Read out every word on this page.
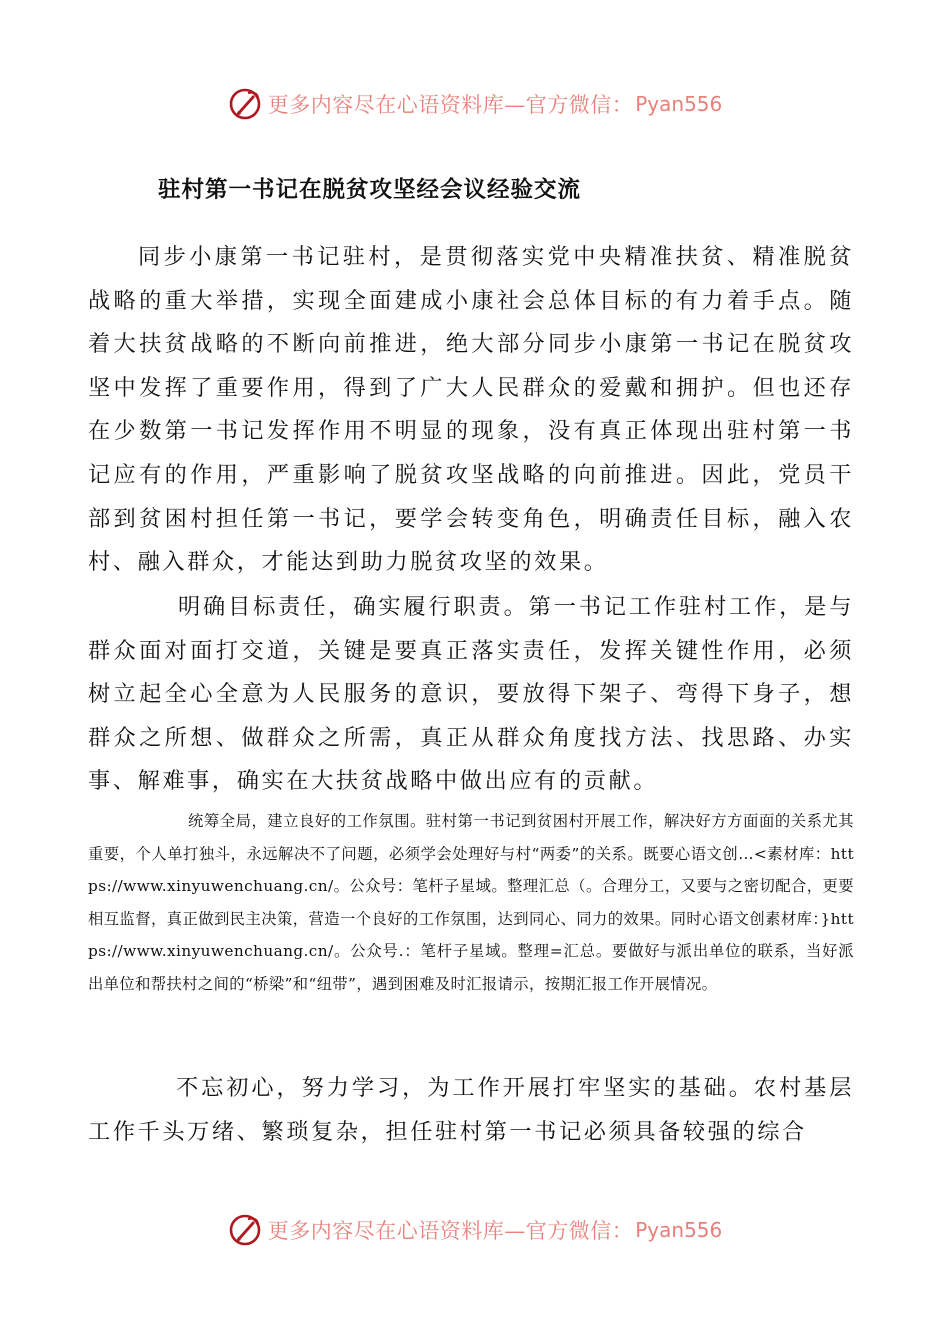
更多内容尽在心语资料库—官方微信： Pyan556
驻村第一书记在脱贫攻坚经会议经验交流

同步小康第一书记驻村，是贯彻落实党中央精准扶贫、精准脱贫战略的重大举措，实现全面建成小康社会总体目标的有力着手点。随着大扶贫战略的不断向前推进，绝大部分同步小康第一书记在脱贫攻坚中发挥了重要作用，得到了广大人民群众的爱戴和拥护。但也还存在少数第一书记发挥作用不明显的现象，没有真正体现出驻村第一书记应有的作用，严重影响了脱贫攻坚战略的向前推进。因此，党员干部到贫困村担任第一书记，要学会转变角色，明确责任目标，融入农村、融入群众，才能达到助力脱贫攻坚的效果。

明确目标责任，确实履行职责。第一书记工作驻村工作，是与群众面对面打交道，关键是要真正落实责任，发挥关键性作用，必须树立起全心全意为人民服务的意识，要放得下架子、弯得下身子，想群众之所想、做群众之所需，真正从群众角度找方法、找思路、办实事、解难事，确实在大扶贫战略中做出应有的贡献。

统筹全局，建立良好的工作氛围。驻村第一书记到贫困村开展工作，解决好方方面面的关系尤其重要，个人单打独斗，永远解决不了问题，必须学会处理好与村“两委”的关系。既要心语文创…<素材库：https://www.xinyuwenchuang.cn/。公众号：笔杆子星域。整理汇总（。合理分工，又要与之密切配合，更要相互监督，真正做到民主决策，营造一个良好的工作氛围，达到同心、同力的效果。同时心语文创素材库：}https://www.xinyuwenchuang.cn/。公众号.：笔杆子星域。整理=汇总。要做好与派出单位的联系，当好派出单位和帮扶村之间的“桥梁”和“纽带”，遇到困难及时汇报请示，按期汇报工作开展情况。

不忘初心，努力学习，为工作开展打牢坚实的基础。农村基层工作千头万绪、繁琐复杂，担任驻村第一书记必须具备较强的综合

更多内容尽在心语资料库—官方微信： Pyan556
